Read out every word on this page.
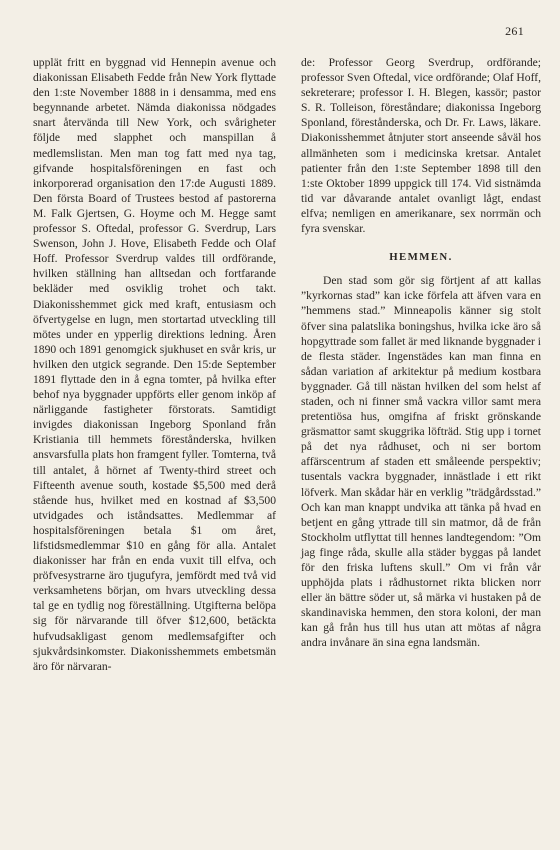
261

upplät fritt en byggnad vid Hennepin avenue och diakonissan Elisabeth Fedde från New York flyttade den 1:ste November 1888 in i densamma, med ens begynnande arbetet. Nämda diakonissa nödgades snart återvända till New York, och svårigheter följde med slapphet och manspillan å medlemslistan. Men man tog fatt med nya tag, gifvande hospitalsföreningen en fast och inkorporerad organisation den 17:de Augusti 1889. Den första Board of Trustees bestod af pastorerna M. Falk Gjertsen, G. Hoyme och M. Hegge samt professor S. Oftedal, professor G. Sverdrup, Lars Swenson, John J. Hove, Elisabeth Fedde och Olaf Hoff. Professor Sverdrup valdes till ordförande, hvilken ställning han alltsedan och fortfarande bekläder med osviklig trohet och takt. Diakonisshemmet gick med kraft, entusiasm och öfvertygelse en lugn, men stortartad utveckling till mötes under en ypperlig direktions ledning. Åren 1890 och 1891 genomgick sjukhuset en svår kris, ur hvilken den utgick segrande. Den 15:de September 1891 flyttade den in å egna tomter, på hvilka efter behof nya byggnader uppförts eller genom inköp af närliggande fastigheter förstorats. Samtidigt invigdes diakonissan Ingeborg Sponland från Kristiania till hemmets förestånderska, hvilken ansvarsfulla plats hon framgent fyller. Tomterna, två till antalet, å hörnet af Twenty-third street och Fifteenth avenue south, kostade $5,500 med derå stående hus, hvilket med en kostnad af $3,500 utvidgades och iståndsattes. Medlemmar af hospitalsföreningen betala $1 om året, lifstidsmedlemmar $10 en gång för alla. Antalet diakonisser har från en enda vuxit till elfva, och pröfvesystrarne äro tjugufyra, jemfördt med två vid verksamhetens början, om hvars utveckling dessa tal ge en tydlig nog föreställning. Utgifterna belöpa sig för närvarande till öfver $12,600, betäckta hufvudsakligast genom medlemsafgifter och sjukvårdsinkomster. Diakonisshemmets embetsmän äro för närvaran-

de: Professor Georg Sverdrup, ordförande; professor Sven Oftedal, vice ordförande; Olaf Hoff, sekreterare; professor I. H. Blegen, kassör; pastor S. R. Tolleison, föreståndare; diakonissa Ingeborg Sponland, förestånderska, och Dr. Fr. Laws, läkare. Diakonisshemmet åtnjuter stort anseende såväl hos allmänheten som i medicinska kretsar. Antalet patienter från den 1:ste September 1898 till den 1:ste Oktober 1899 uppgick till 174. Vid sistnämda tid var dåvarande antalet ovanligt lågt, endast elfva; nemligen en amerikanare, sex norrmän och fyra svenskar.

HEMMEN.

Den stad som gör sig förtjent af att kallas ”kyrkornas stad” kan icke förfela att äfven vara en ”hemmens stad.” Minneapolis känner sig stolt öfver sina palatslika boningshus, hvilka icke äro så hopgyttrade som fallet är med liknande byggnader i de flesta städer. Ingenstädes kan man finna en sådan variation af arkitektur på medium kostbara byggnader. Gå till nästan hvilken del som helst af staden, och ni finner små vackra villor samt mera pretentiösa hus, omgifna af friskt grönskande gräsmattor samt skuggrika löfträd. Stig upp i tornet på det nya rådhuset, och ni ser bortom affärscentrum af staden ett småleende perspektiv; tusentals vackra byggnader, innästlade i ett rikt löfverk. Man skådar här en verklig ”trädgårdsstad.” Och kan man knappt undvika att tänka på hvad en betjent en gång yttrade till sin matmor, då de från Stockholm utflyttat till hennes landtegendom: ”Om jag finge råda, skulle alla städer byggas på landet för den friska luftens skull.” Om vi från vår upphöjda plats i rådhustornet rikta blicken norr eller än bättre söder ut, så märka vi hustaken på de skandinaviska hemmen, den stora koloni, der man kan gå från hus till hus utan att mötas af några andra invånare än sina egna landsmän.
